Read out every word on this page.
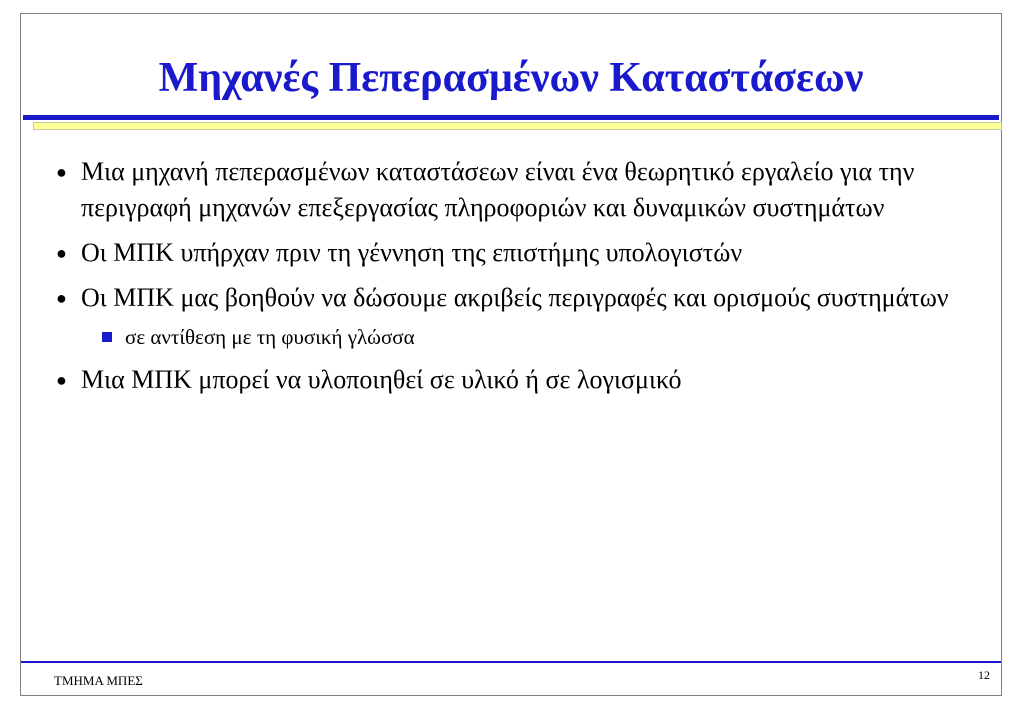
Μηχανές Πεπερασμένων Καταστάσεων
● Μια μηχανή πεπερασμένων καταστάσεων είναι ένα θεωρητικό εργαλείο για την περιγραφή μηχανών επεξεργασίας πληροφοριών και δυναμικών συστημάτων
● Οι ΜΠΚ υπήρχαν πριν τη γέννηση της επιστήμης υπολογιστών
● Οι ΜΠΚ μας βοηθούν να δώσουμε ακριβείς περιγραφές και ορισμούς συστημάτων
σε αντίθεση με τη φυσική γλώσσα
● Μια ΜΠΚ μπορεί να υλοποιηθεί σε υλικό ή σε λογισμικό
ΤΜΗΜΑ ΜΠΕΣ	12
